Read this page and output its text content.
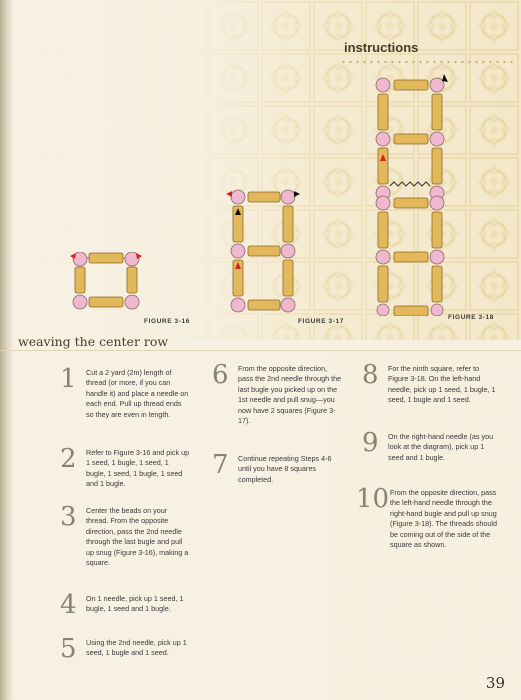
instructions
FIGURE 3-16	FIGURE 3-17
FIGURE 3-18
weaving the center row
1	Cut a 2 yard (2m) length of thread (or more, if you can handle it) and place a needle on each end. Pull up thread ends so they are even in length.
2	Refer to Figure 3-16 and pick up 1 seed, 1 bugle, 1 seed, 1 bugle, 1 seed, 1 bugle, 1 seed and 1 bugle.
3	Center the beads on your thread. From the opposite direction, pass the 2nd needle through the last bugle and pull up snug (Figure 3-16), making a square.
4	On 1 needle, pick up 1 seed, 1 bugle, 1 seed and 1 bugle.
5	Using the 2nd needle, pick up 1 seed, 1 bugle and 1 seed.
6	From the opposite direction, pass the 2nd needle through the last bugle you picked up on the 1st needle and pull snug—you now have 2 squares (Figure 3-17).
7	Continue repeating Steps 4-6 until you have 8 squares completed.
8	For the ninth square, refer to Figure 3-18. On the left-hand needle, pick up 1 seed, 1 bugle, 1 seed, 1 bugle and 1 seed.
9	On the right-hand needle (as you look at the diagram), pick up 1 seed and 1 bugle.
10 From the opposite direction, pass the left-hand needle through the right-hand bugle and pull up snug (Figure 3-18). The threads should be coming out of the side of the square as shown.
39
